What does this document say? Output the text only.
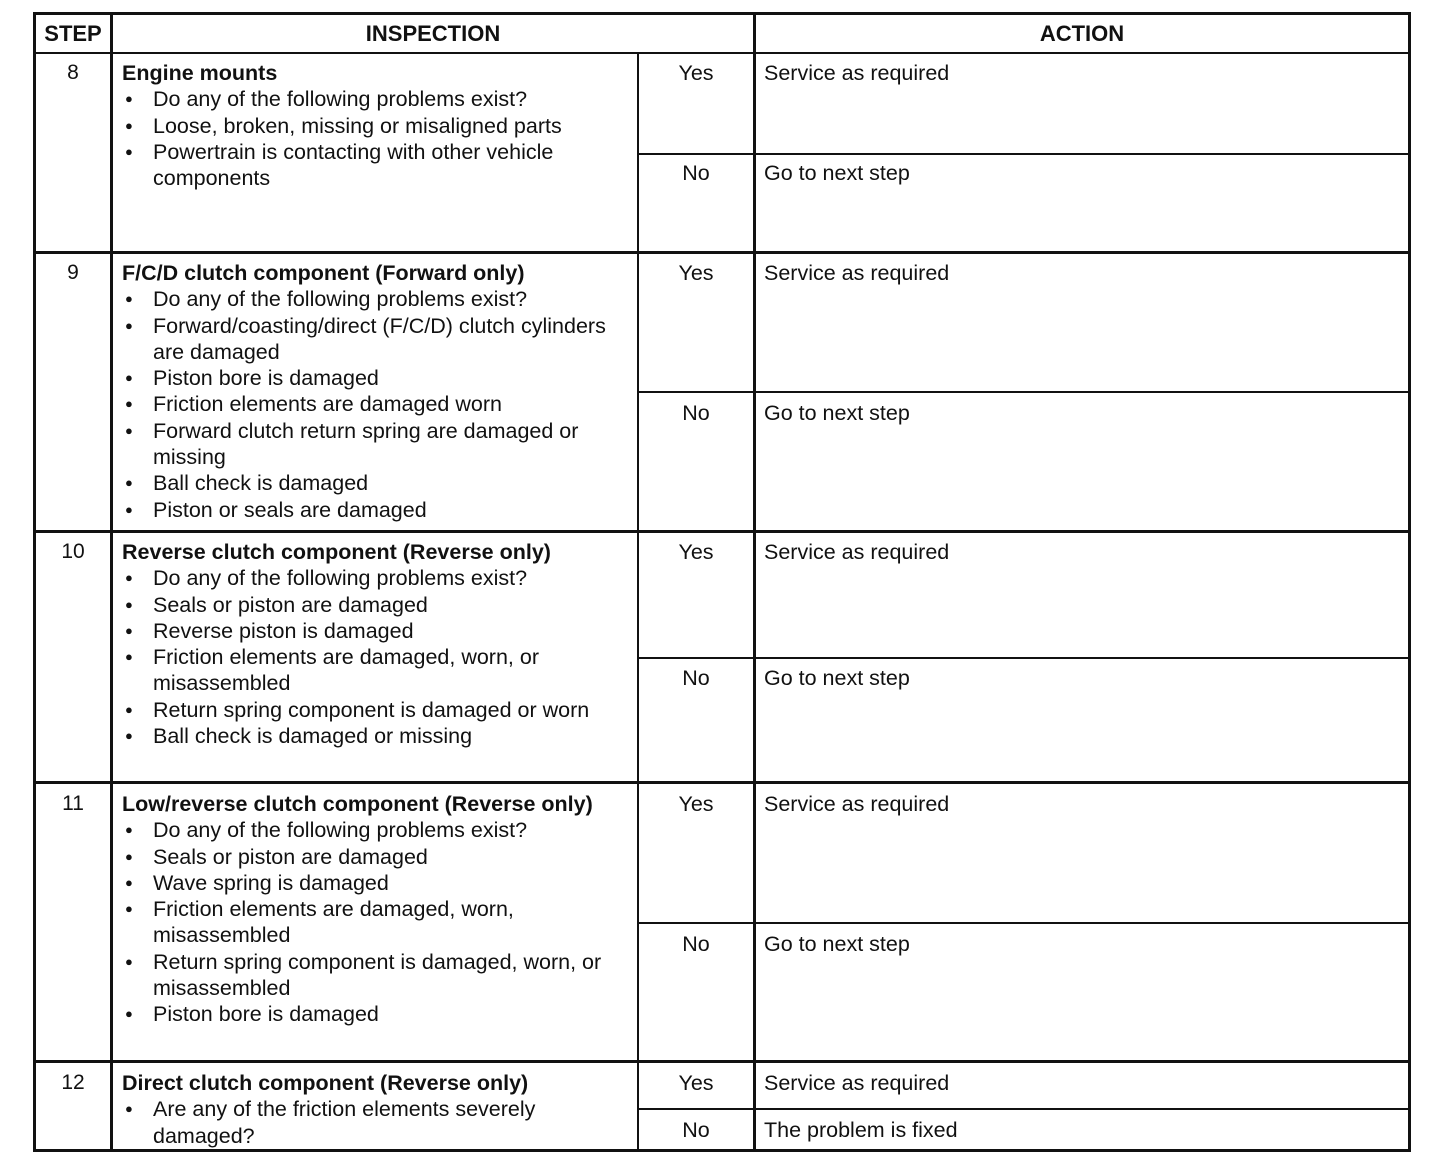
STEP	INSPECTION	ACTION
8	Engine mounts
● Do any of the following problems exist?
● Loose, broken, missing or misaligned parts
● Powertrain is contacting with other vehicle components
Yes	Service as required
No	Go to next step
9	F/C/D clutch component (Forward only)
● Do any of the following problems exist?
● Forward/coasting/direct (F/C/D) clutch cylinders are damaged
● Piston bore is damaged
● Friction elements are damaged worn
● Forward clutch return spring are damaged or missing
● Ball check is damaged
● Piston or seals are damaged
Yes	Service as required
No	Go to next step
10	Reverse clutch component (Reverse only)
● Do any of the following problems exist?
● Seals or piston are damaged
● Reverse piston is damaged
● Friction elements are damaged, worn, or misassembled
● Return spring component is damaged or worn
● Ball check is damaged or missing
Yes	Service as required
No	Go to next step
11	Low/reverse clutch component (Reverse only)
● Do any of the following problems exist?
● Seals or piston are damaged
● Wave spring is damaged
● Friction elements are damaged, worn, misassembled
● Return spring component is damaged, worn, or misassembled
● Piston bore is damaged
Yes	Service as required
No	Go to next step
12	Direct clutch component (Reverse only)
● Are any of the friction elements severely damaged?
Yes	Service as required
No	The problem is fixed
